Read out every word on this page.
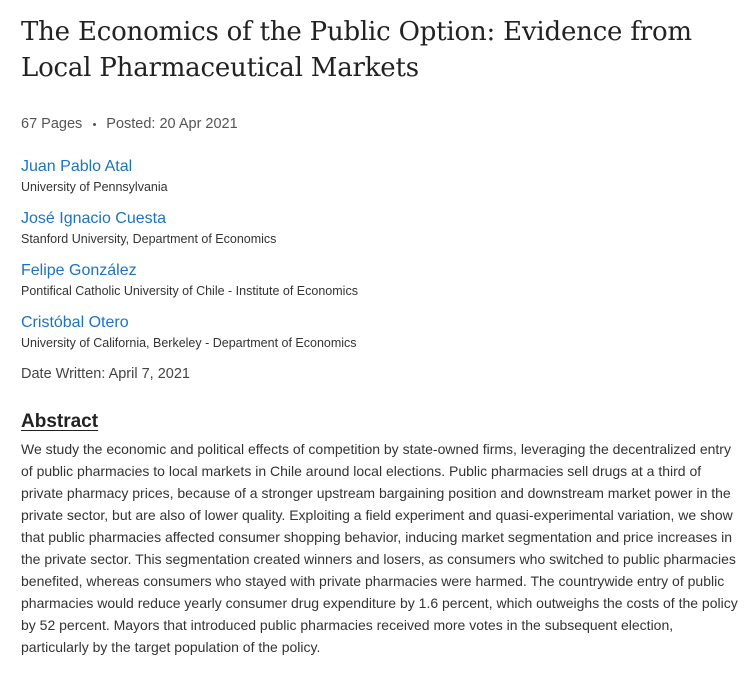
The Economics of the Public Option: Evidence from
Local Pharmaceutical Markets
67 Pages Posted: 20 Apr 2021
Juan Pablo Atal
University of Pennsylvania
José Ignacio Cuesta
Stanford University, Department of Economics
Felipe González
Pontifical Catholic University of Chile - Institute of Economics
Cristóbal Otero
University of California, Berkeley - Department of Economics
Date Written: April 7, 2021
Abstract
We study the economic and political effects of competition by state-owned firms, leveraging the decentralized entry of public pharmacies to local markets in Chile around local elections. Public pharmacies sell drugs at a third of private pharmacy prices, because of a stronger upstream bargaining position and downstream market power in the private sector, but are also of lower quality. Exploiting a field experiment and quasi-experimental variation, we show that public pharmacies affected consumer shopping behavior, inducing market segmentation and price increases in the private sector. This segmentation created winners and losers, as consumers who switched to public pharmacies benefited, whereas consumers who stayed with private pharmacies were harmed. The countrywide entry of public pharmacies would reduce yearly consumer drug expenditure by 1.6 percent, which outweighs the costs of the policy by 52 percent. Mayors that introduced public pharmacies received more votes in the subsequent election, particularly by the target population of the policy.
